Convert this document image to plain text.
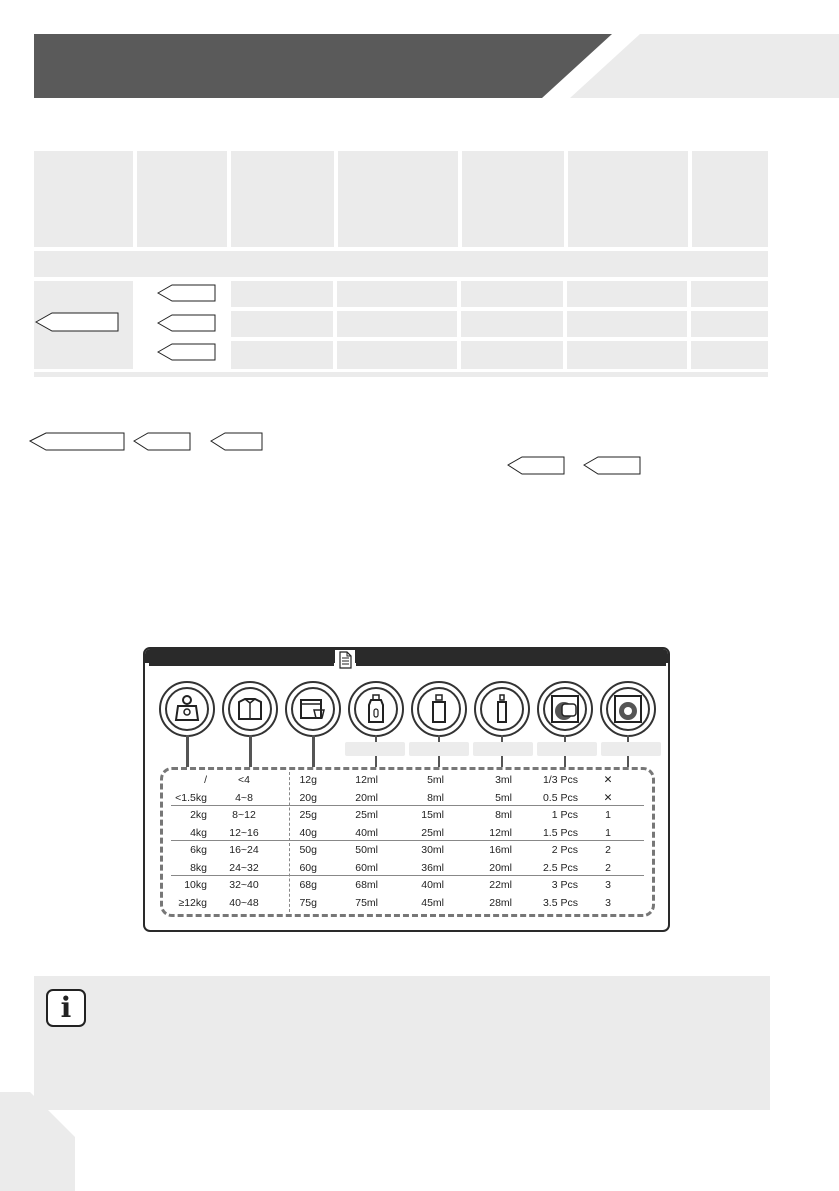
/	<4	12g	12ml	5ml	3ml	1/3 Pcs	✕
<1.5kg	4~8	20g	20ml	8ml	5ml	0.5 Pcs	✕
2kg	8~12	25g	25ml	15ml	8ml	1 Pcs	1
4kg	12~16	40g	40ml	25ml	12ml	1.5 Pcs	1
6kg	16~24	50g	50ml	30ml	16ml	2 Pcs	2
8kg	24~32	60g	60ml	36ml	20ml	2.5 Pcs	2
10kg	32~40	68g	68ml	40ml	22ml	3 Pcs	3
≥12kg	40~48	75g	75ml	45ml	28ml	3.5 Pcs	3
i
